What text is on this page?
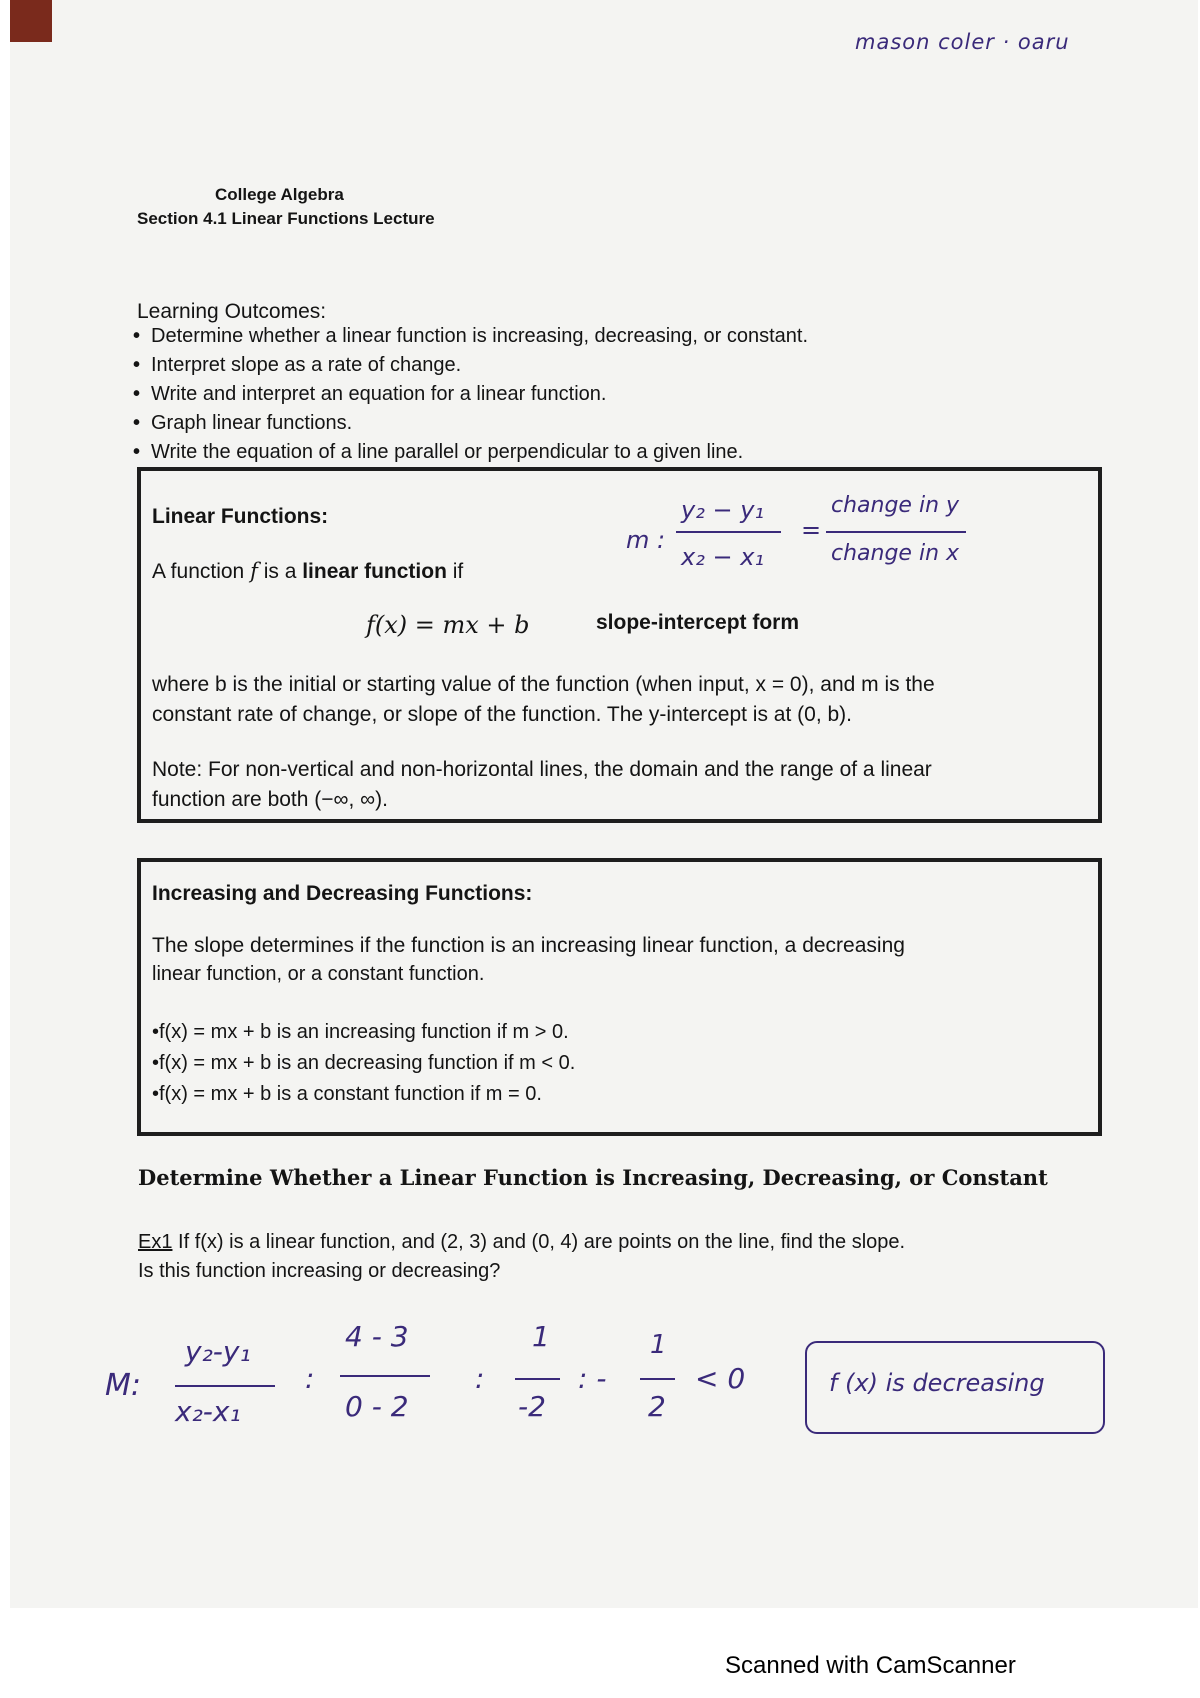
mason coler · oaru
College Algebra
Section 4.1 Linear Functions Lecture
Learning Outcomes:
• Determine whether a linear function is increasing, decreasing, or constant.
• Interpret slope as a rate of change.
• Write and interpret an equation for a linear function.
• Graph linear functions.
• Write the equation of a line parallel or perpendicular to a given line.
Linear Functions:
A function f is a linear function if
f(x) = mx + b	slope-intercept form
where b is the initial or starting value of the function (when input, x = 0), and m is the
constant rate of change, or slope of the function. The y-intercept is at (0, b).
Note: For non-vertical and non-horizontal lines, the domain and the range of a linear
function are both (−∞, ∞).
m :
y₂ − y₁
x₂ − x₁
=
change in y
change in x
Increasing and Decreasing Functions:
The slope determines if the function is an increasing linear function, a decreasing
linear function, or a constant function.
•f(x) = mx + b is an increasing function if m > 0.
•f(x) = mx + b is an decreasing function if m < 0.
•f(x) = mx + b is a constant function if m = 0.
Determine Whether a Linear Function is Increasing, Decreasing, or Constant
Ex1 If f(x) is a linear function, and (2, 3) and (0, 4) are points on the line, find the slope.
Is this function increasing or decreasing?
M:
y₂-y₁
x₂-x₁
:
4 - 3
0 - 2
:
1
-2
: -
1
2
< 0	f (x) is decreasing
Scanned with CamScanner
